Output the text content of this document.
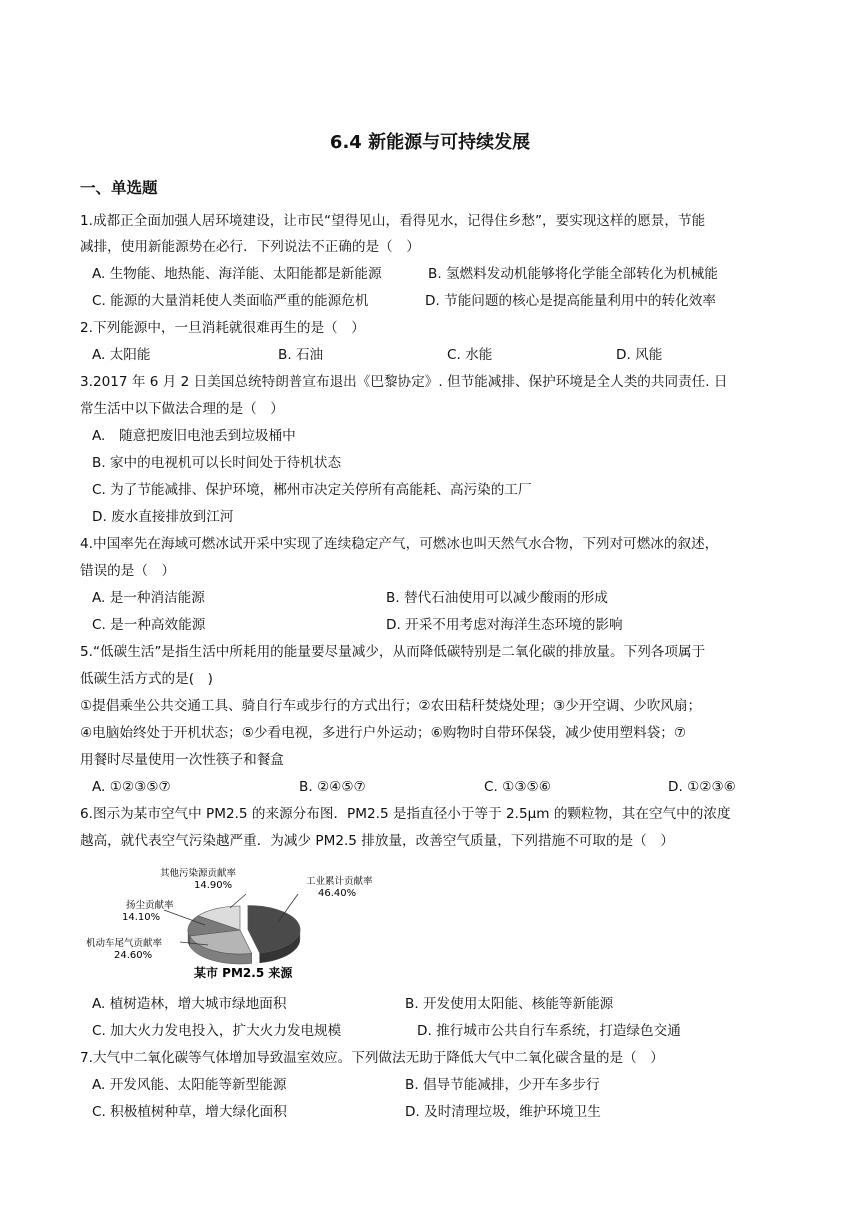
6.4 新能源与可持续发展
一、单选题
1.成都正全面加强人居环境建设，让市民“望得见山，看得见水，记得住乡愁”，要实现这样的愿景，节能
减排，使用新能源势在必行．下列说法不正确的是（　）
A. 生物能、地热能、海洋能、太阳能都是新能源	B. 氢燃料发动机能够将化学能全部转化为机械能
C. 能源的大量消耗使人类面临严重的能源危机	D. 节能问题的核心是提高能量利用中的转化效率
2.下列能源中，一旦消耗就很难再生的是（　）
A. 太阳能	B. 石油	C. 水能	D. 风能
3.2017 年 6 月 2 日美国总统特朗普宣布退出《巴黎协定》. 但节能减排、保护环境是全人类的共同责任. 日
常生活中以下做法合理的是（　）
A.　随意把废旧电池丢到垃圾桶中
B. 家中的电视机可以长时间处于待机状态
C. 为了节能减排、保护环境，郴州市决定关停所有高能耗、高污染的工厂
D. 废水直接排放到江河
4.中国率先在海域可燃冰试开采中实现了连续稳定产气，可燃冰也叫天然气水合物，下列对可燃冰的叙述，
错误的是（　）
A. 是一种消洁能源	B. 替代石油使用可以减少酸雨的形成
C. 是一种高效能源	D. 开采不用考虑对海洋生态环境的影响
5.“低碳生活”是指生活中所耗用的能量要尽量减少，从而降低碳特别是二氧化碳的排放量。下列各项属于
低碳生活方式的是(　)
①提倡乘坐公共交通工具、骑自行车或步行的方式出行；②农田秸秆焚烧处理；③少开空调、少吹风扇；
④电脑始终处于开机状态；⑤少看电视，多进行户外运动；⑥购物时自带环保袋，减少使用塑料袋；⑦
用餐时尽量使用一次性筷子和餐盒
A. ①②③⑤⑦	B. ②④⑤⑦	C. ①③⑤⑥	D. ①②③⑥
6.图示为某市空气中 PM2.5 的来源分布图．PM2.5 是指直径小于等于 2.5μm 的颗粒物，其在空气中的浓度
越高，就代表空气污染越严重．为减少 PM2.5 排放量，改善空气质量，下列措施不可取的是（　）
工业累计贡献率
46.40%
其他污染源贡献率
14.90%
扬尘贡献率
14.10%
机动车尾气贡献率
24.60%
某市 PM2.5 来源
A. 植树造林，增大城市绿地面积	B. 开发使用太阳能、核能等新能源
C. 加大火力发电投入，扩大火力发电规模	D. 推行城市公共自行车系统，打造绿色交通
7.大气中二氧化碳等气体增加导致温室效应。下列做法无助于降低大气中二氧化碳含量的是（　）
A. 开发风能、太阳能等新型能源	B. 倡导节能减排，少开车多步行
C. 积极植树种草，增大绿化面积	D. 及时清理垃圾，维护环境卫生
